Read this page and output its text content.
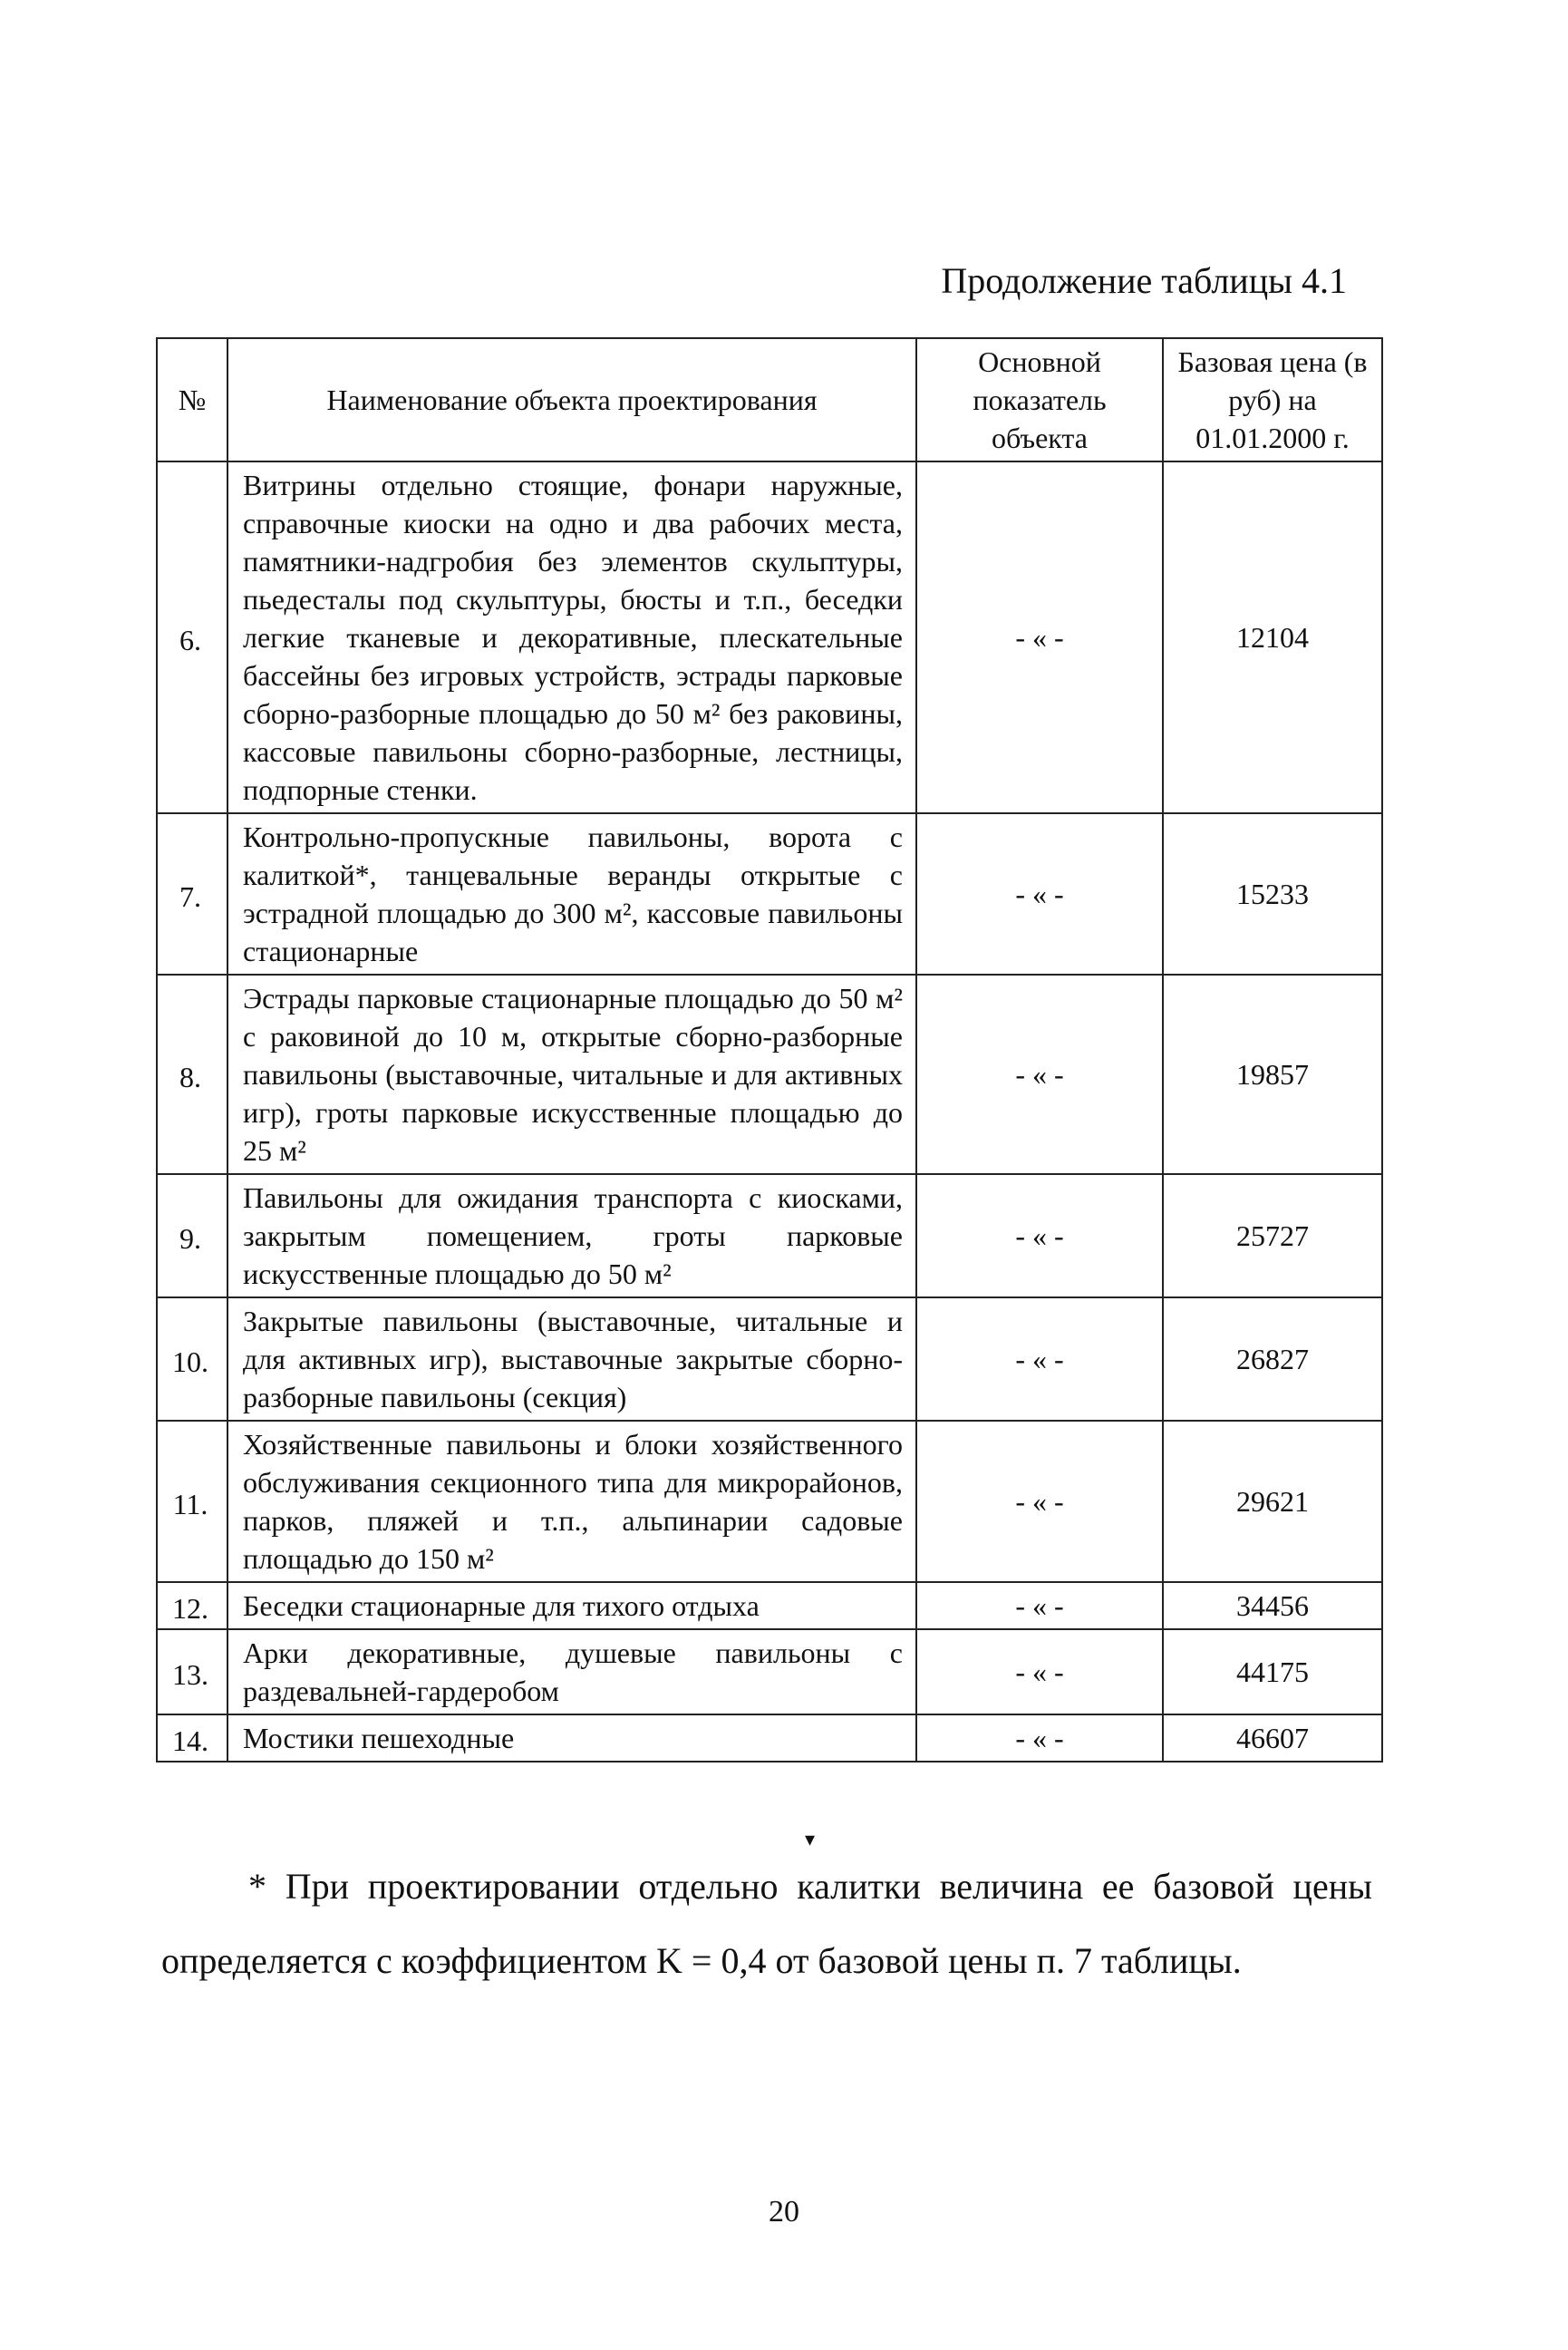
Продолжение таблицы 4.1
№	Наименование объекта проектирования	Основной показатель объекта	Базовая цена (в руб) на 01.01.2000 г.
6.	Витрины отдельно стоящие, фонари наружные, справочные киоски на одно и два рабочих места, памятники-надгробия без элементов скульптуры, пьедесталы под скульптуры, бюсты и т.п., беседки легкие тканевые и декоративные, плескательные бассейны без игровых устройств, эстрады парковые сборно-разборные площадью до 50 м² без раковины, кассовые павильоны сборно-разборные, лестницы, подпорные стенки.	- « -	12104
7.	Контрольно-пропускные павильоны, ворота с калиткой*, танцевальные веранды открытые с эстрадной площадью до 300 м², кассовые павильоны стационарные	- « -	15233
8.	Эстрады парковые стационарные площадью до 50 м² с раковиной до 10 м, открытые сборно-разборные павильоны (выставочные, читальные и для активных игр), гроты парковые искусственные площадью до 25 м²	- « -	19857
9.	Павильоны для ожидания транспорта с киосками, закрытым помещением, гроты парковые искусственные площадью до 50 м²	- « -	25727
10.	Закрытые павильоны (выставочные, читальные и для активных игр), выставочные закрытые сборно-разборные павильоны (секция)	- « -	26827
11.	Хозяйственные павильоны и блоки хозяйственного обслуживания секционного типа для микрорайонов, парков, пляжей и т.п., альпинарии садовые площадью до 150 м²	- « -	29621
12.	Беседки стационарные для тихого отдыха	- « -	34456
13.	Арки декоративные, душевые павильоны с раздевальней-гардеробом	- « -	44175
14.	Мостики пешеходные	- « -	46607
▾
* При проектировании отдельно калитки величина ее базовой цены определяется с коэффициентом K = 0,4 от базовой цены п. 7 таблицы.
20
